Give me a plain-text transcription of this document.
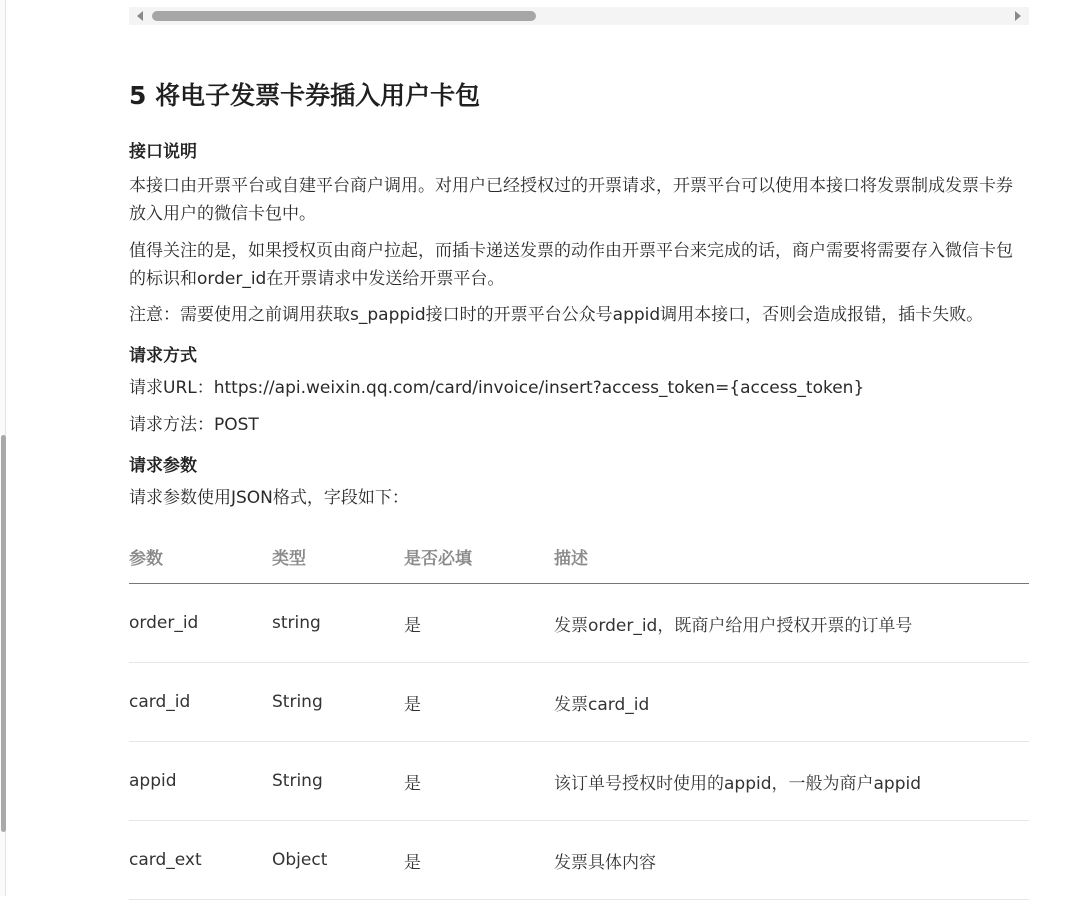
5 将电子发票卡券插入用户卡包

接口说明

本接口由开票平台或自建平台商户调用。对用户已经授权过的开票请求，开票平台可以使用本接口将发票制成发票卡券放入用户的微信卡包中。

值得关注的是，如果授权页由商户拉起，而插卡递送发票的动作由开票平台来完成的话，商户需要将需要存入微信卡包的标识和order_id在开票请求中发送给开票平台。

注意：需要使用之前调用获取s_pappid接口时的开票平台公众号appid调用本接口，否则会造成报错，插卡失败。

请求方式

请求URL：https://api.weixin.qq.com/card/invoice/insert?access_token={access_token}

请求方法：POST

请求参数

请求参数使用JSON格式，字段如下：

参数	类型	是否必填	描述
order_id	string	是	发票order_id，既商户给用户授权开票的订单号
card_id	String	是	发票card_id
appid	String	是	该订单号授权时使用的appid，一般为商户appid
card_ext	Object	是	发票具体内容
